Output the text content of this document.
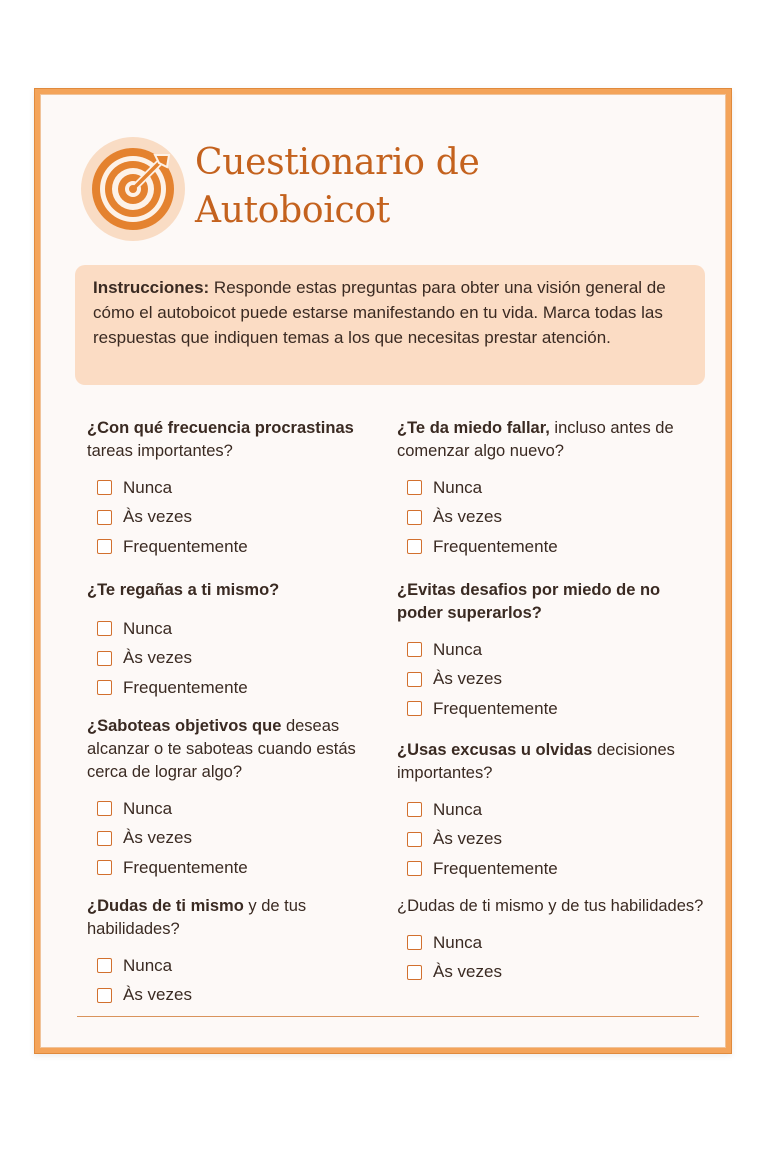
Cuestionario de
Autoboicot
Instrucciones: Responde estas preguntas para obter una visión general de cómo el autoboicot puede estarse manifestando en tu vida. Marca todas las respuestas que indiquen temas a los que necesitas prestar atención.

¿Con qué frecuencia procrastinas tareas importantes?

Nunca
Às vezes
Frequentemente

¿Te regañas a ti mismo?

Nunca
Às vezes
Frequentemente

¿Saboteas objetivos que deseas alcanzar o te saboteas cuando estás cerca de lograr algo?

Nunca
Às vezes
Frequentemente

¿Dudas de ti mismo y de tus habilidades?

Nunca
Às vezes

¿Te da miedo fallar, incluso antes de comenzar algo nuevo?

Nunca
Às vezes
Frequentemente

¿Evitas desafios por miedo de no poder superarlos?

Nunca
Às vezes
Frequentemente

¿Usas excusas u olvidas decisiones importantes?

Nunca
Às vezes
Frequentemente

¿Dudas de ti mismo y de tus habilidades?

Nunca
Às vezes
